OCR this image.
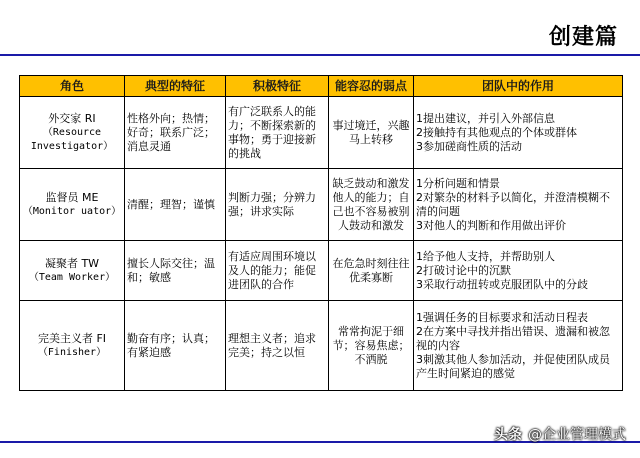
创建篇
角色	典型的特征	积极特征	能容忍的弱点	团队中的作用

外交家 RI
（Resource
Investigator）	性格外向；热情；好奇；联系广泛；消息灵通	有广泛联系人的能力；不断探索新的事物；勇于迎接新的挑战	事过境迁，兴趣马上转移	1提出建议，并引入外部信息
2接触持有其他观点的个体或群体
3参加磋商性质的活动

监督员 ME
（Monitor uator）	清醒；理智；谨慎	判断力强；分辨力强；讲求实际	缺乏鼓动和激发他人的能力；自己也不容易被别人鼓动和激发	1分析问题和情景
2对繁杂的材料予以简化，并澄清模糊不清的问题
3对他人的判断和作用做出评价

凝聚者 TW
（Team Worker）	擅长人际交往；温和；敏感	有适应周围环境以及人的能力；能促进团队的合作	在危急时刻往往优柔寡断	1给予他人支持，并帮助别人
2打破讨论中的沉默
3采取行动扭转或克服团队中的分歧

完美主义者 FI
（Finisher）	勤奋有序；认真；有紧迫感	理想主义者；追求完美；持之以恒	常常拘泥于细节；容易焦虑；不洒脱	1强调任务的目标要求和活动日程表
2在方案中寻找并指出错误、遗漏和被忽视的内容
3刺激其他人参加活动，并促使团队成员产生时间紧迫的感觉
头条 @企业管理模式
